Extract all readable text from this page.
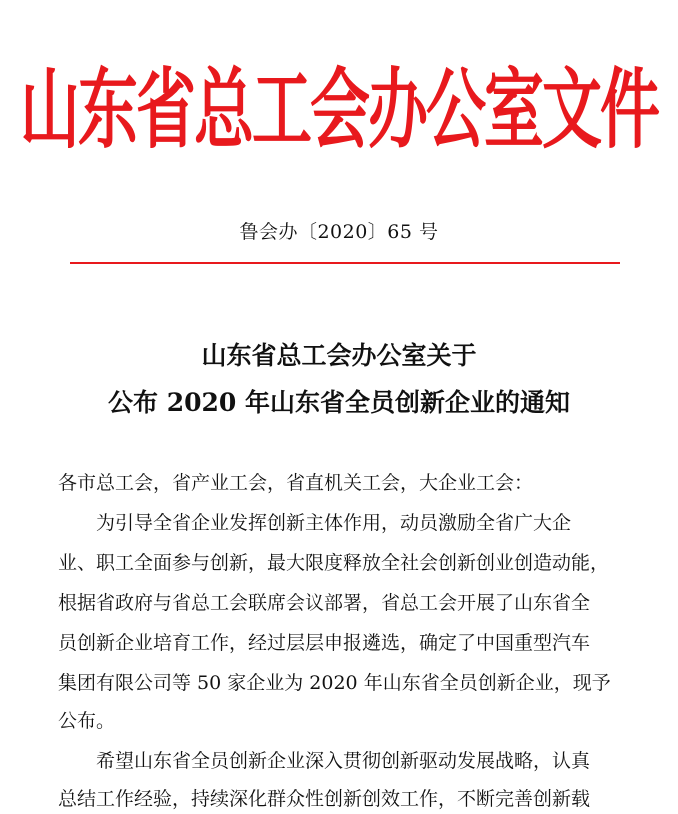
山东省总工会办公室文件
鲁会办〔2020〕65 号
山东省总工会办公室关于
公布 2020 年山东省全员创新企业的通知
各市总工会，省产业工会，省直机关工会，大企业工会：
为引导全省企业发挥创新主体作用，动员激励全省广大企
业、职工全面参与创新，最大限度释放全社会创新创业创造动能，
根据省政府与省总工会联席会议部署，省总工会开展了山东省全
员创新企业培育工作，经过层层申报遴选，确定了中国重型汽车
集团有限公司等 50 家企业为 2020 年山东省全员创新企业，现予
公布。
希望山东省全员创新企业深入贯彻创新驱动发展战略，认真
总结工作经验，持续深化群众性创新创效工作，不断完善创新载
